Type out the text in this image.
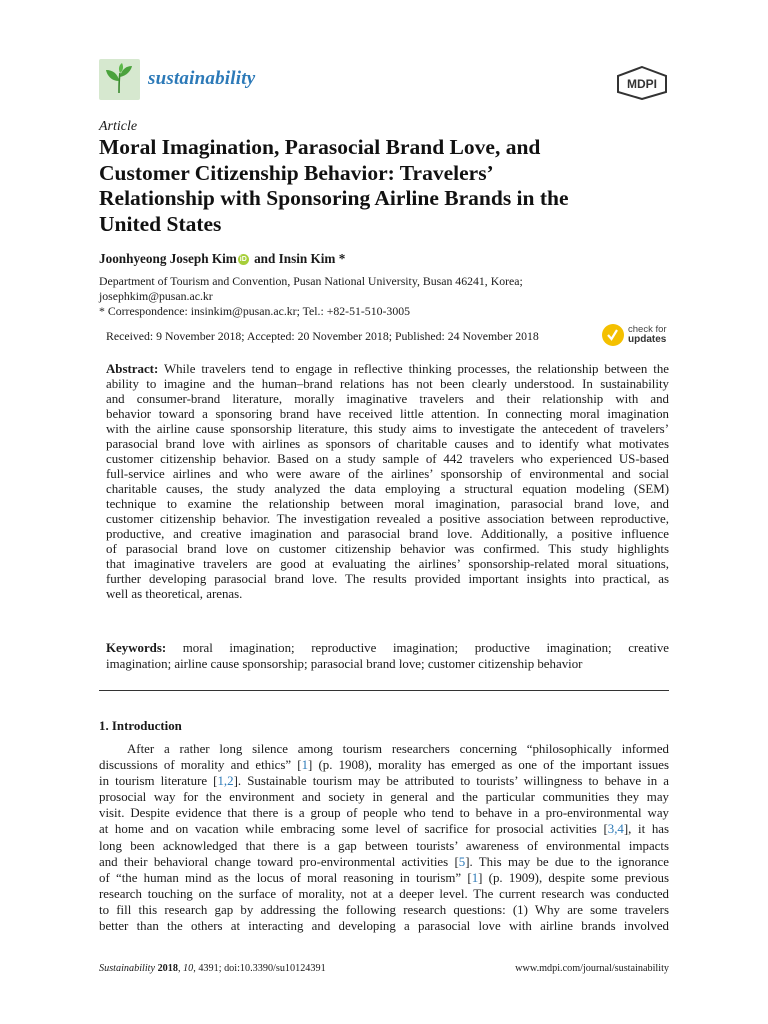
sustainability	MDPI
Article
Moral Imagination, Parasocial Brand Love, and
Customer Citizenship Behavior: Travelers’
Relationship with Sponsoring Airline Brands in the
United States
Joonhyeong Joseph Kim iD and Insin Kim *
Department of Tourism and Convention, Pusan National University, Busan 46241, Korea;
josephkim@pusan.ac.kr
* Correspondence: insinkim@pusan.ac.kr; Tel.: +82-51-510-3005
Received: 9 November 2018; Accepted: 20 November 2018; Published: 24 November 2018	check for
updates
Abstract: While travelers tend to engage in reflective thinking processes, the relationship between the
ability to imagine and the human–brand relations has not been clearly understood. In sustainability
and consumer-brand literature, morally imaginative travelers and their relationship with and
behavior toward a sponsoring brand have received little attention. In connecting moral imagination
with the airline cause sponsorship literature, this study aims to investigate the antecedent of travelers’
parasocial brand love with airlines as sponsors of charitable causes and to identify what motivates
customer citizenship behavior. Based on a study sample of 442 travelers who experienced US-based
full-service airlines and who were aware of the airlines’ sponsorship of environmental and social
charitable causes, the study analyzed the data employing a structural equation modeling (SEM)
technique to examine the relationship between moral imagination, parasocial brand love, and
customer citizenship behavior. The investigation revealed a positive association between reproductive,
productive, and creative imagination and parasocial brand love. Additionally, a positive influence
of parasocial brand love on customer citizenship behavior was confirmed. This study highlights
that imaginative travelers are good at evaluating the airlines’ sponsorship-related moral situations,
further developing parasocial brand love. The results provided important insights into practical, as
well as theoretical, arenas.
Keywords: moral imagination; reproductive imagination; productive imagination; creative
imagination; airline cause sponsorship; parasocial brand love; customer citizenship behavior
1. Introduction
After a rather long silence among tourism researchers concerning “philosophically informed
discussions of morality and ethics” [1] (p. 1908), morality has emerged as one of the important issues
in tourism literature [1,2]. Sustainable tourism may be attributed to tourists’ willingness to behave in a
prosocial way for the environment and society in general and the particular communities they may
visit. Despite evidence that there is a group of people who tend to behave in a pro-environmental way
at home and on vacation while embracing some level of sacrifice for prosocial activities [3,4], it has
long been acknowledged that there is a gap between tourists’ awareness of environmental impacts
and their behavioral change toward pro-environmental activities [5]. This may be due to the ignorance
of “the human mind as the locus of moral reasoning in tourism” [1] (p. 1909), despite some previous
research touching on the surface of morality, not at a deeper level. The current research was conducted
to fill this research gap by addressing the following research questions: (1) Why are some travelers
better than the others at interacting and developing a parasocial love with airline brands involved
Sustainability 2018, 10, 4391; doi:10.3390/su10124391	www.mdpi.com/journal/sustainability
